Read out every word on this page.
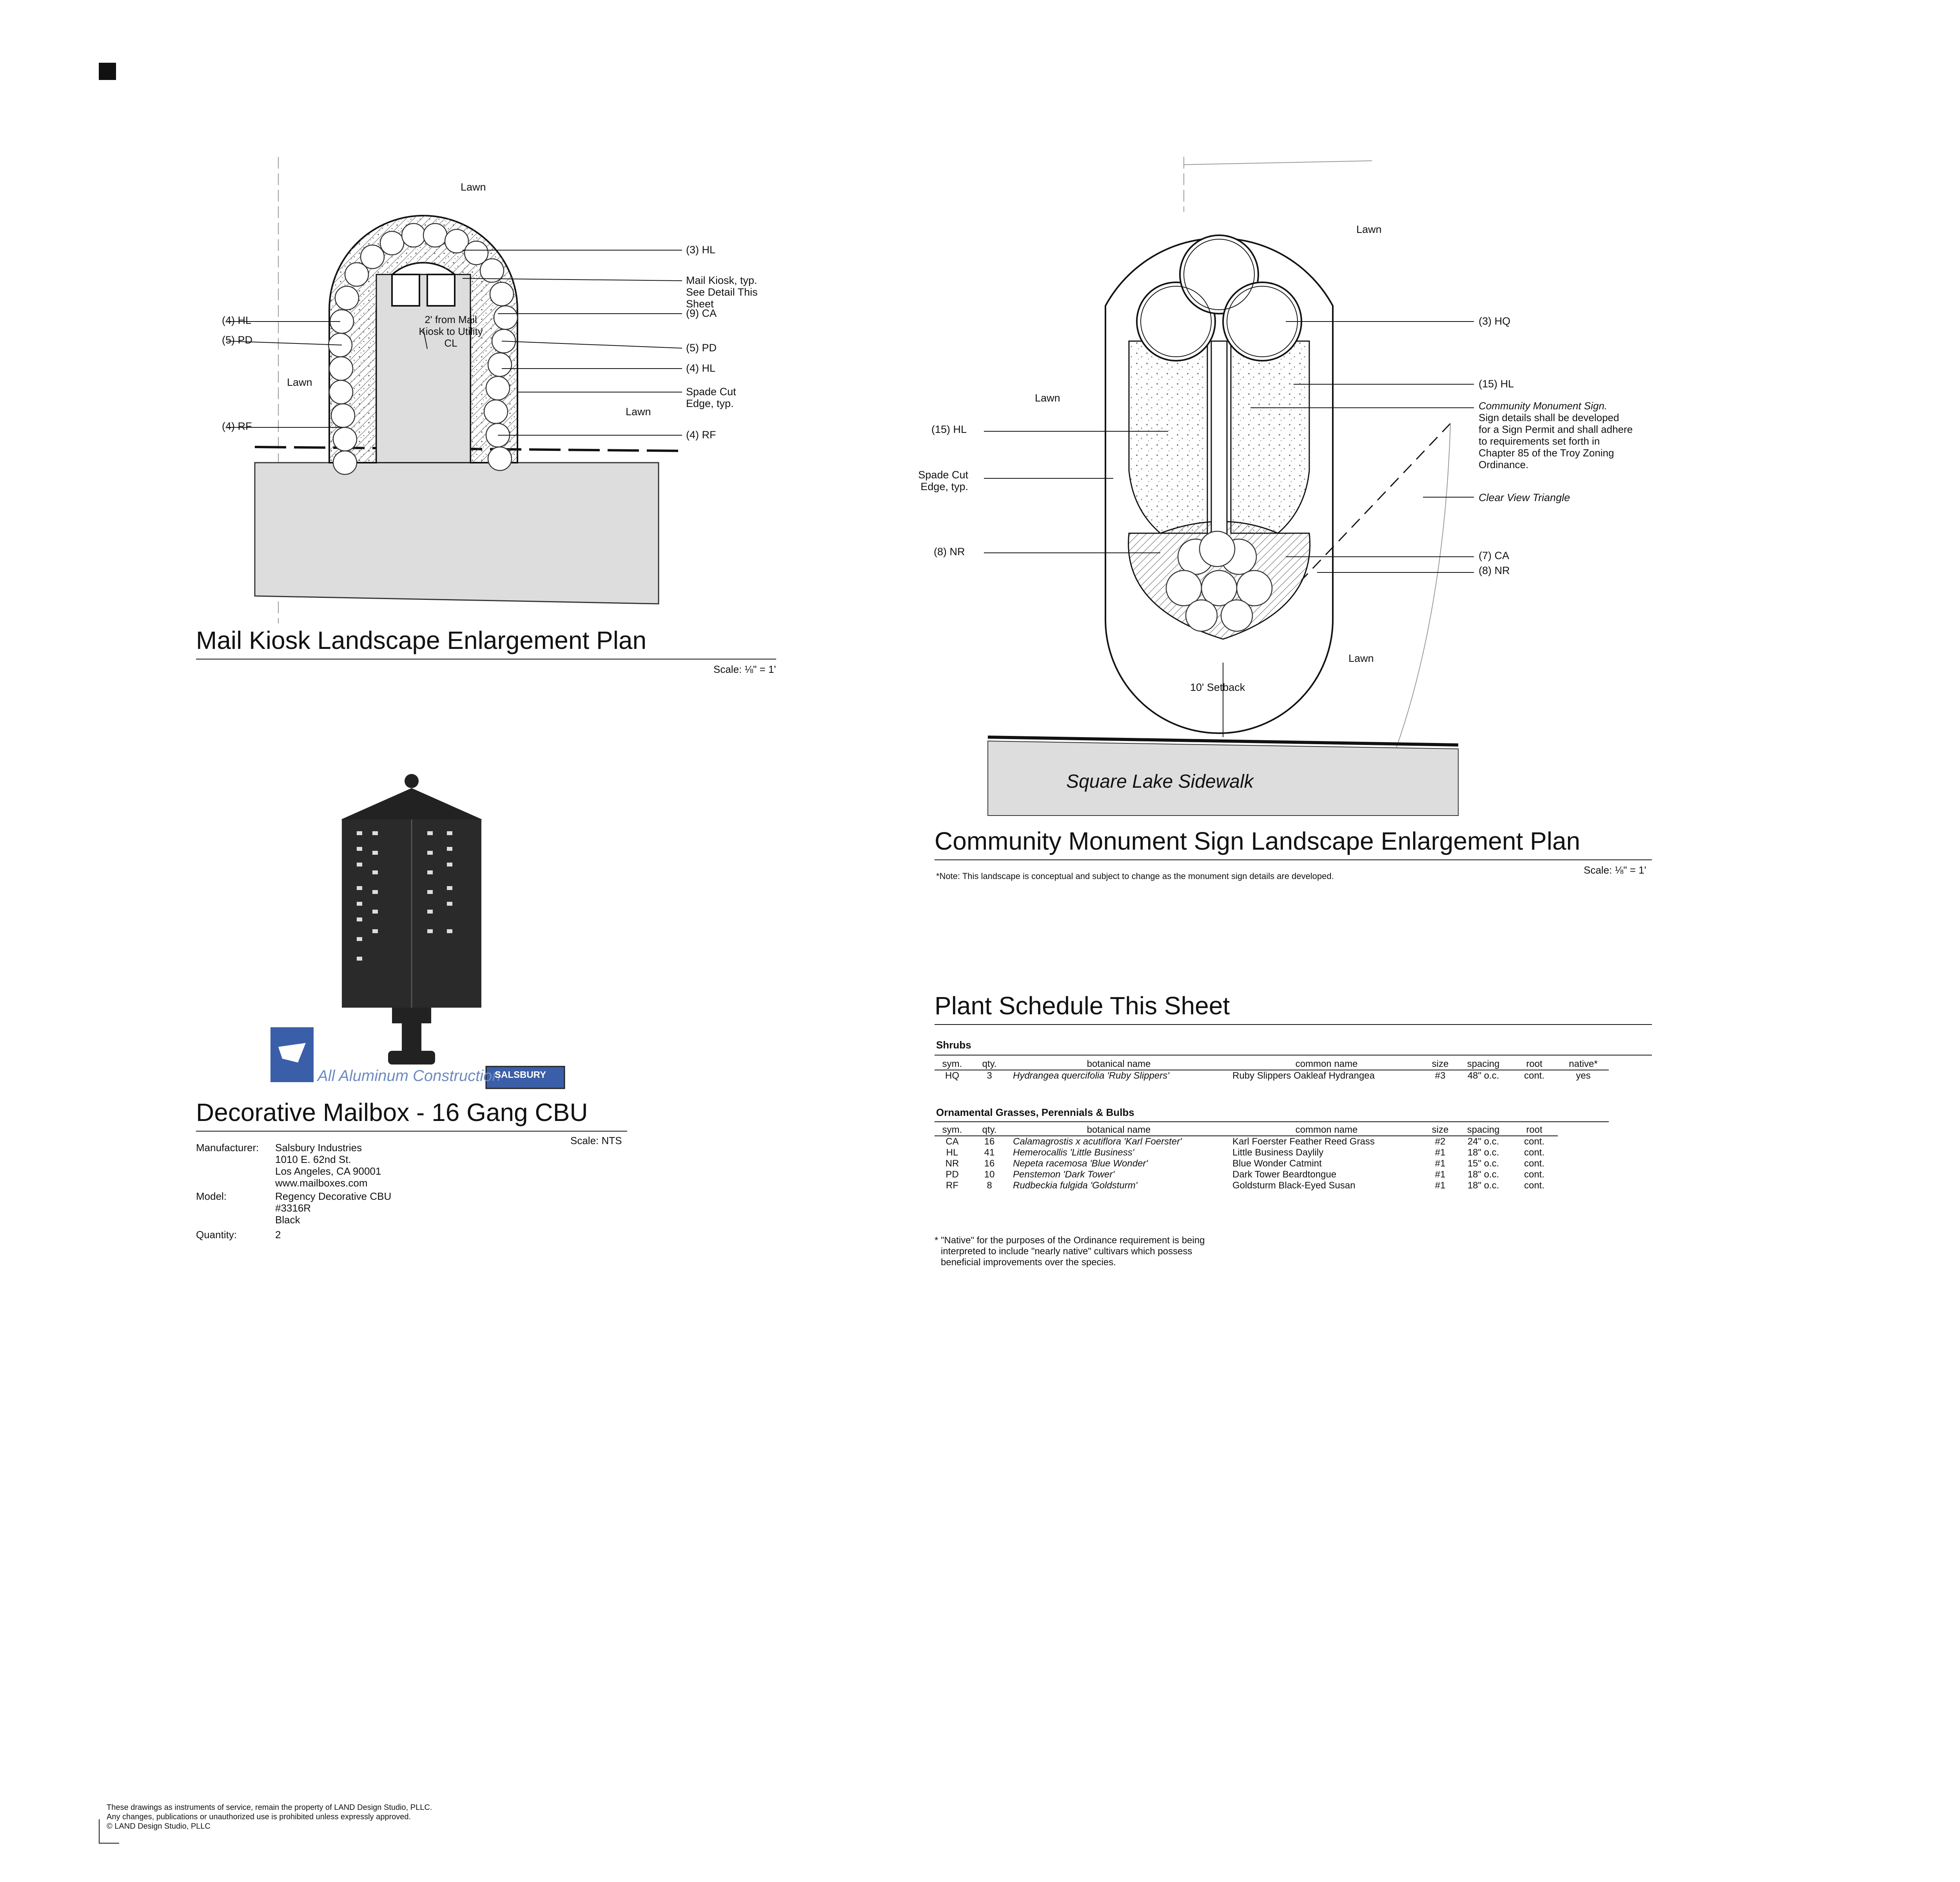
Lawn
Lawn
Lawn
2' from Mail Kiosk to Utility CL
(4) HL
(5) PD
(4) RF
(3) HL
Mail Kiosk, typ. See Detail This Sheet
(9) CA
(5) PD
(4) HL
Spade Cut Edge, typ.
(4) RF
Mail Kiosk Landscape Enlargement Plan
Scale: ⅛" = 1'
All Aluminum Construction
SALSBURY
Decorative Mailbox - 16 Gang CBU
Scale: NTS
Manufacturer: Salsbury Industries
1010 E. 62nd St.
Los Angeles, CA 90001
www.mailboxes.com
Model:	Regency Decorative CBU
#3316R
Black
Quantity:	2
Lawn
Lawn
Lawn
10' Setback
Square Lake Sidewalk
(15) HL
Spade Cut Edge, typ.
(8) NR
(3) HQ
(15) HL
(7) CA
(8) NR
Community Monument Sign.
Sign details shall be developed
for a Sign Permit and shall adhere
to requirements set forth in
Chapter 85 of the Troy Zoning
Ordinance.
Clear View Triangle
Community Monument Sign Landscape Enlargement Plan
Scale: ⅛" = 1'
*Note: This landscape is conceptual and subject to change as the monument sign details are developed.
Plant Schedule This Sheet
Shrubs
sym.	qty.	botanical name	common name	size	spacing	root	native*
HQ	3	Hydrangea quercifolia 'Ruby Slippers'	Ruby Slippers Oakleaf Hydrangea	#3	48" o.c.	cont.	yes
Ornamental Grasses, Perennials & Bulbs
sym.	qty.	botanical name	common name	size	spacing	root
CA	16	Calamagrostis x acutiflora 'Karl Foerster'	Karl Foerster Feather Reed Grass	#2	24" o.c.	cont.
HL	41	Hemerocallis 'Little Business'	Little Business Daylily	#1	18" o.c.	cont.
NR	16	Nepeta racemosa 'Blue Wonder'	Blue Wonder Catmint	#1	15" o.c.	cont.
PD	10	Penstemon 'Dark Tower'	Dark Tower Beardtongue	#1	18" o.c.	cont.
RF	8	Rudbeckia fulgida 'Goldsturm'	Goldsturm Black-Eyed Susan	#1	18" o.c.	cont.
* "Native" for the purposes of the Ordinance requirement is being
interpreted to include "nearly native" cultivars which possess
beneficial improvements over the species.
These drawings as instruments of service, remain the property of LAND Design Studio, PLLC.
Any changes, publications or unauthorized use is prohibited unless expressly approved.
© LAND Design Studio, PLLC
